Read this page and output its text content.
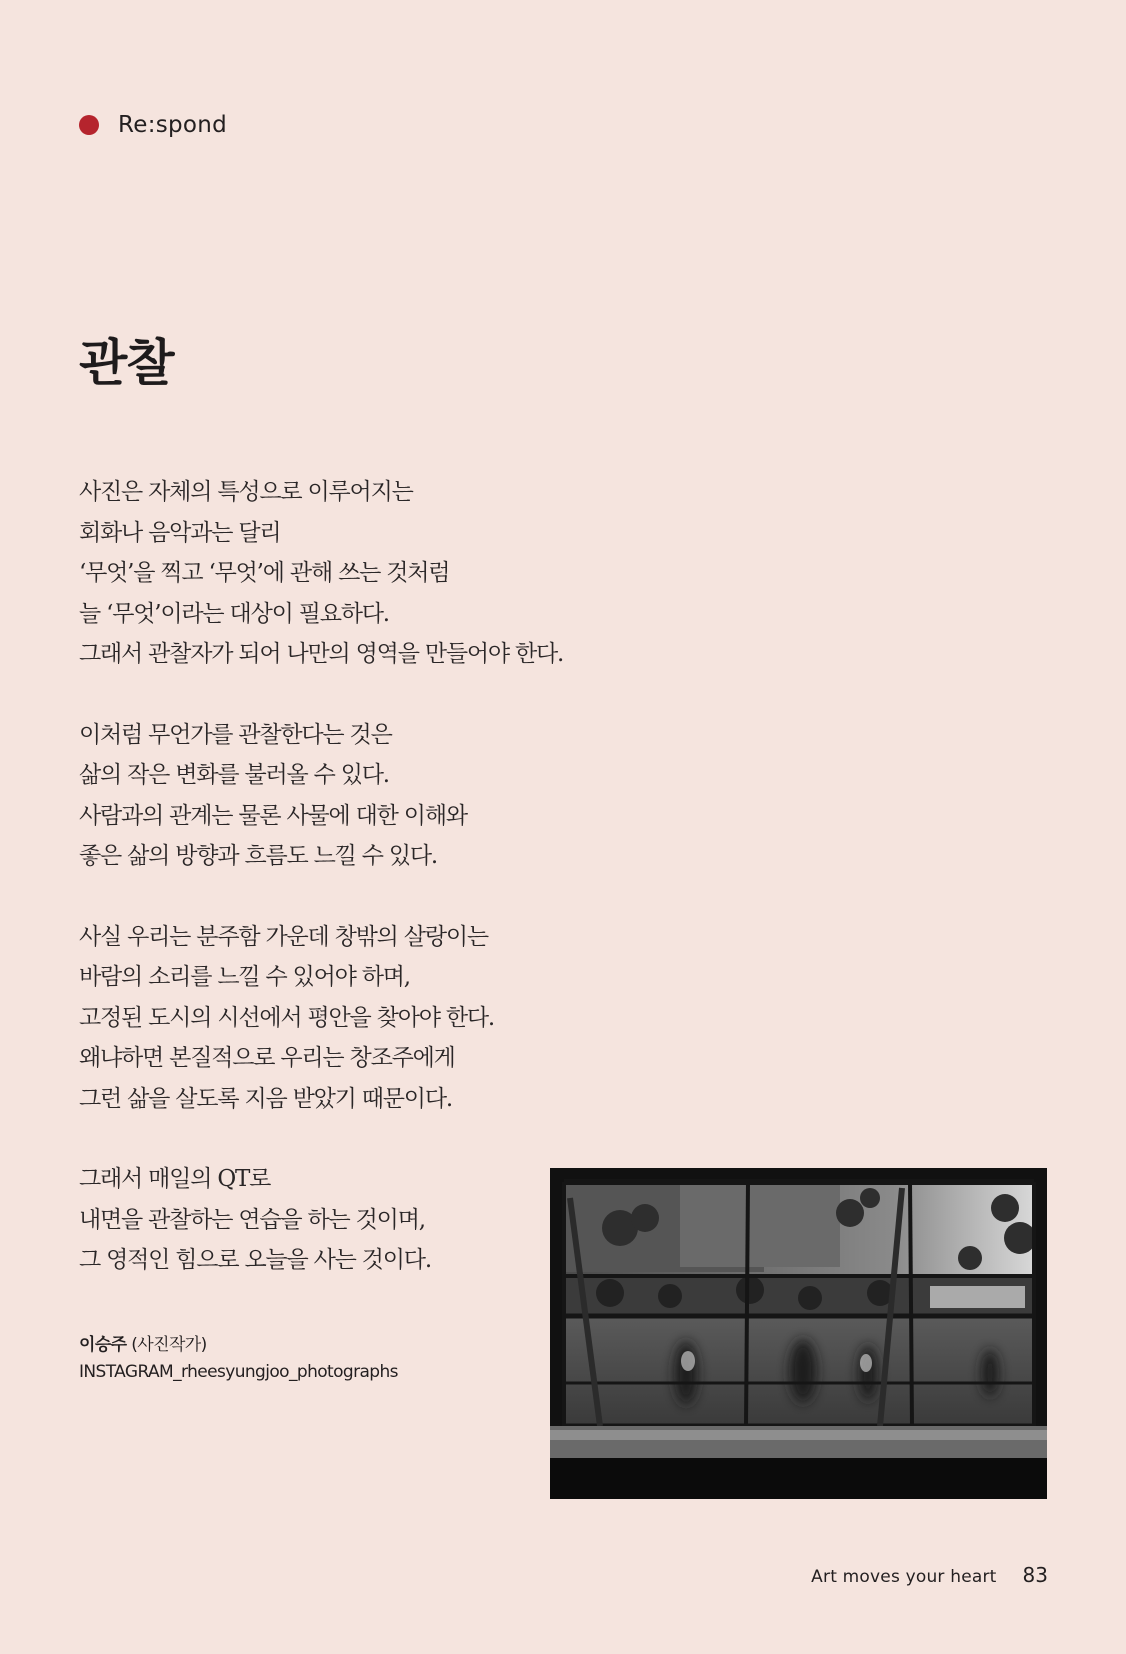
Re:spond
관찰

사진은 자체의 특성으로 이루어지는
회화나 음악과는 달리
‘무엇’을 찍고 ‘무엇’에 관해 쓰는 것처럼
늘 ‘무엇’이라는 대상이 필요하다.
그래서 관찰자가 되어 나만의 영역을 만들어야 한다.

이처럼 무언가를 관찰한다는 것은
삶의 작은 변화를 불러올 수 있다.
사람과의 관계는 물론 사물에 대한 이해와
좋은 삶의 방향과 흐름도 느낄 수 있다.

사실 우리는 분주함 가운데 창밖의 살랑이는
바람의 소리를 느낄 수 있어야 하며,
고정된 도시의 시선에서 평안을 찾아야 한다.
왜냐하면 본질적으로 우리는 창조주에게
그런 삶을 살도록 지음 받았기 때문이다.

그래서 매일의 QT로
내면을 관찰하는 연습을 하는 것이며,
그 영적인 힘으로 오늘을 사는 것이다.

이승주 (사진작가)
INSTAGRAM_rheesyungjoo_photographs
Art moves your heart 83
